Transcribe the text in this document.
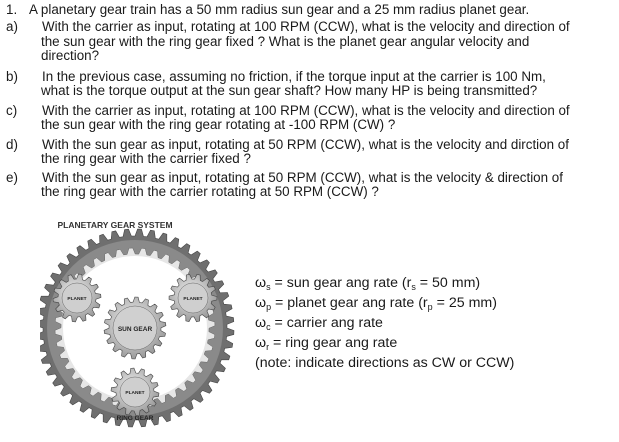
1. A planetary gear train has a 50 mm radius sun gear and a 25 mm radius planet gear.
a)	With the carrier as input, rotating at 100 RPM (CCW), what is the velocity and direction of
the sun gear with the ring gear fixed ? What is the planet gear angular velocity and
direction?
b)	In the previous case, assuming no friction, if the torque input at the carrier is 100 Nm,
what is the torque output at the sun gear shaft? How many HP is being transmitted?
c)	With the carrier as input, rotating at 100 RPM (CCW), what is the velocity and direction of
the sun gear with the ring gear rotating at -100 RPM (CW) ?
d)	With the sun gear as input, rotating at 50 RPM (CCW), what is the velocity and dirction of
the ring gear with the carrier fixed ?
e)	With the sun gear as input, rotating at 50 RPM (CCW), what is the velocity & direction of
the ring gear with the carrier rotating at 50 RPM (CCW) ?
PLANETARY GEAR SYSTEM
SUN GEAR
PLANET	PLANET
PLANET
RING GEAR
$\omega_s$ = sun gear ang rate ($r_s = 50$ mm)
$\omega_p$ = planet gear ang rate ($r_p = 25$ mm)
$\omega_c$ = carrier ang rate
$\omega_r$ = ring gear ang rate
(note: indicate directions as CW or CCW)
